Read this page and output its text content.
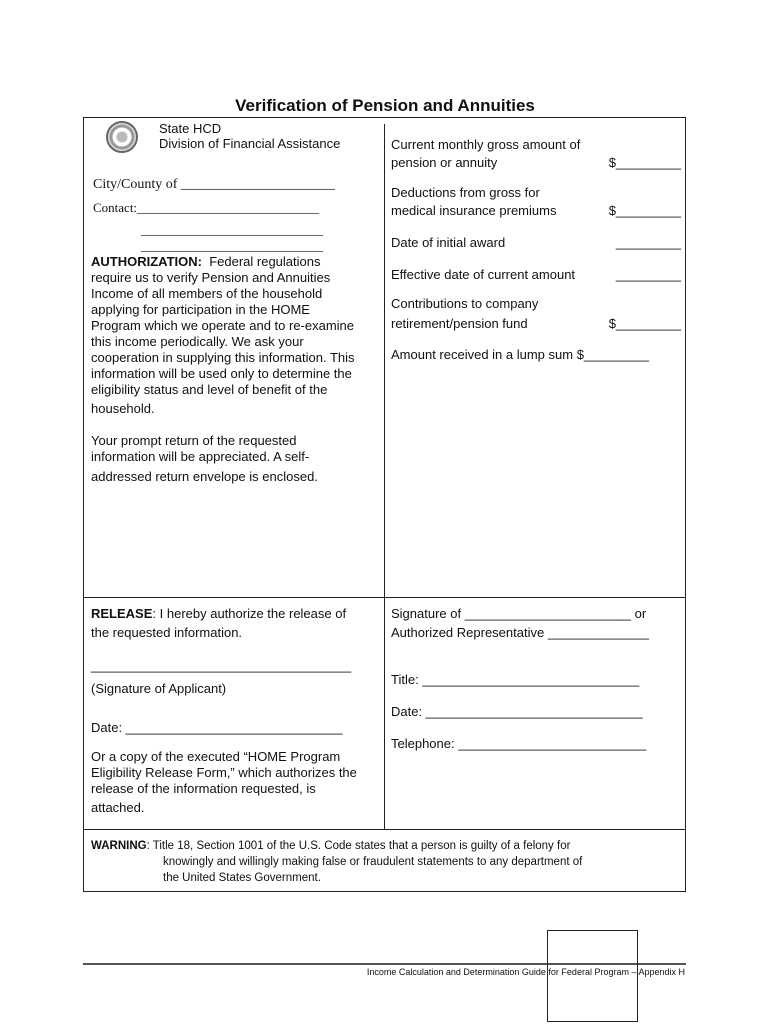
Verification of Pension and Annuities
State HCD
Division of Financial Assistance
City/County of ______________________
Contact:____________________________
____________________________
____________________________

AUTHORIZATION:  Federal regulations

require us to verify Pension and Annuities

Income of all members of the household

applying for participation in the HOME

Program which we operate and to re-examine

this income periodically. We ask your

cooperation in supplying this information. This

information will be used only to determine the

eligibility status and level of benefit of the

household.

Your prompt return of the requested

information will be appreciated. A self-

addressed return envelope is enclosed.

Current monthly gross amount of
pension or annuity	$_________
Deductions from gross for
medical insurance premiums	$_________
Date of initial award	_________
Effective date of current amount	_________
Contributions to company
retirement/pension fund	$_________
Amount received in a lump sum $_________
RELEASE: I hereby authorize the release of
the requested information.
____________________________________
(Signature of Applicant)
Date: ______________________________

Or a copy of the executed “HOME Program

Eligibility Release Form,” which authorizes the

release of the information requested, is

attached.

Signature of _______________________ or
Authorized Representative ______________
Title: ______________________________
Date: ______________________________
Telephone: __________________________
WARNING: Title 18, Section 1001 of the U.S. Code states that a person is guilty of a felony for
knowingly and willingly making false or fraudulent statements to any department of
the United States Government.
Income Calculation and Determination Guide for Federal Program – Appendix H
